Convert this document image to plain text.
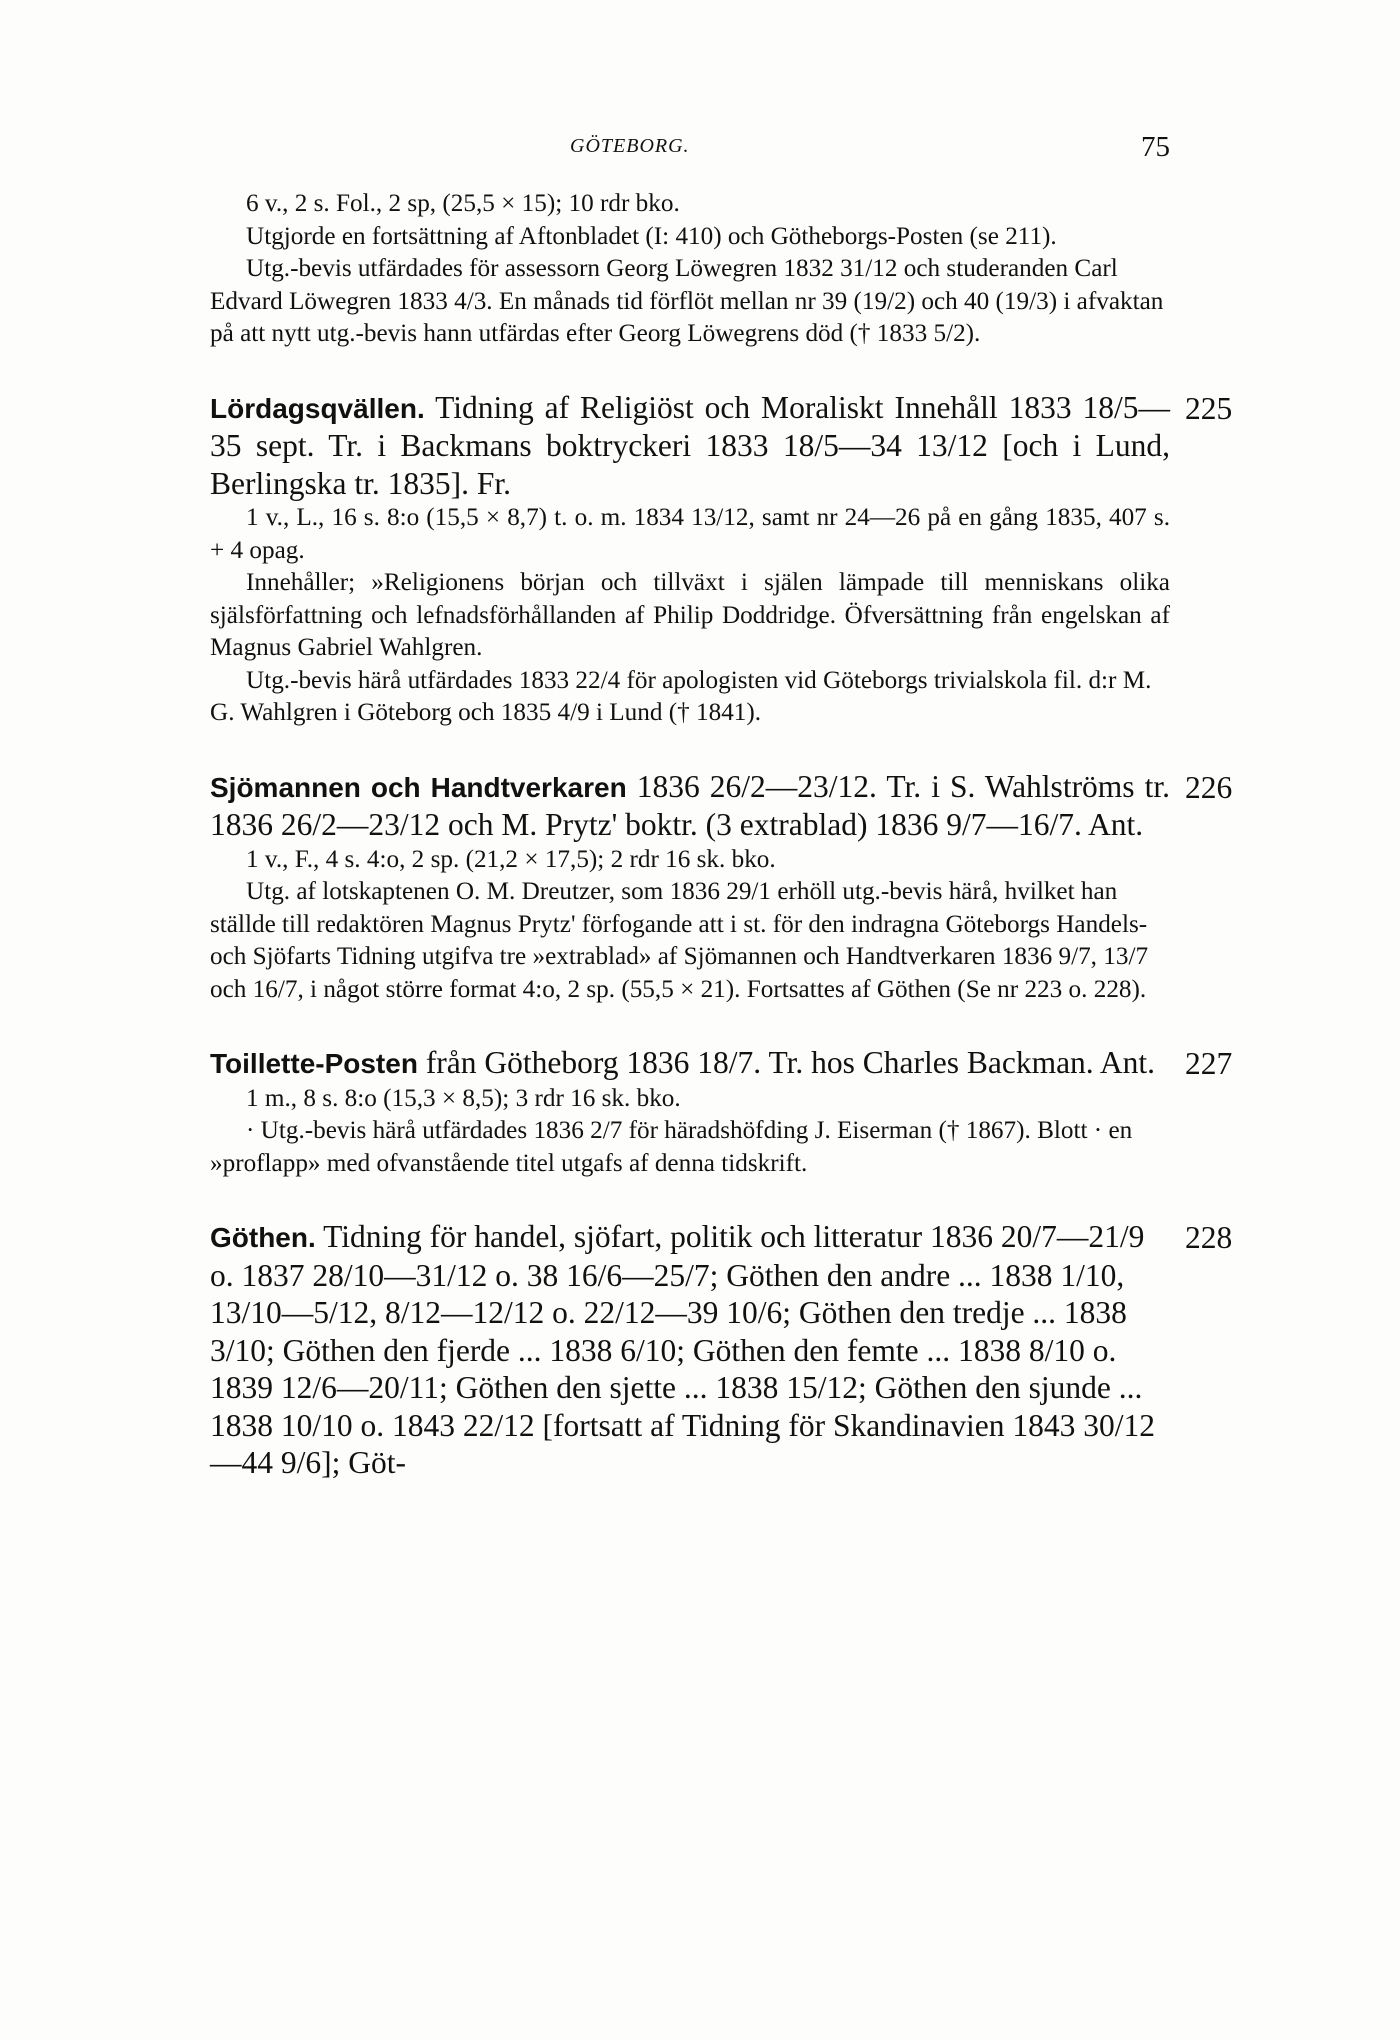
GÖTEBORG.	75

6 v., 2 s. Fol., 2 sp, (25,5 × 15); 10 rdr bko.

Utgjorde en fortsättning af Aftonbladet (I: 410) och Götheborgs-Posten (se 211).

Utg.-bevis utfärdades för assessorn Georg Löwegren 1832 31/12 och studeranden Carl Edvard Löwegren 1833 4/3. En månads tid förflöt mellan nr 39 (19/2) och 40 (19/3) i afvaktan på att nytt utg.-bevis hann utfärdas efter Georg Löwegrens död († 1833 5/2).

225

Lördagsqvällen. Tidning af Religiöst och Moraliskt Innehåll 1833 18/5—35 sept. Tr. i Backmans boktryckeri 1833 18/5—34 13/12 [och i Lund, Berlingska tr. 1835]. Fr.

1 v., L., 16 s. 8:o (15,5 × 8,7) t. o. m. 1834 13/12, samt nr 24—26 på en gång 1835, 407 s. + 4 opag.

Innehåller; »Religionens början och tillväxt i själen lämpade till menniskans olika själsförfattning och lefnadsförhållanden af Philip Doddridge. Öfversättning från engelskan af Magnus Gabriel Wahlgren.

Utg.-bevis härå utfärdades 1833 22/4 för apologisten vid Göteborgs trivialskola fil. d:r M. G. Wahlgren i Göteborg och 1835 4/9 i Lund († 1841).

226

Sjömannen och Handtverkaren 1836 26/2—23/12. Tr. i S. Wahlströms tr. 1836 26/2—23/12 och M. Prytz' boktr. (3 extrablad) 1836 9/7—16/7. Ant.

1 v., F., 4 s. 4:o, 2 sp. (21,2 × 17,5); 2 rdr 16 sk. bko.

Utg. af lotskaptenen O. M. Dreutzer, som 1836 29/1 erhöll utg.-bevis härå, hvilket han ställde till redaktören Magnus Prytz' förfogande att i st. för den indragna Göteborgs Handels- och Sjöfarts Tidning utgifva tre »extrablad» af Sjömannen och Handtverkaren 1836 9/7, 13/7 och 16/7, i något större format 4:o, 2 sp. (55,5 × 21). Fortsattes af Göthen (Se nr 223 o. 228).

227

Toillette-Posten från Götheborg 1836 18/7. Tr. hos Charles Backman. Ant.

1 m., 8 s. 8:o (15,3 × 8,5); 3 rdr 16 sk. bko.

· Utg.-bevis härå utfärdades 1836 2/7 för häradshöfding J. Eiserman († 1867). Blott · en »proflapp» med ofvanstående titel utgafs af denna tidskrift.

228

Göthen. Tidning för handel, sjöfart, politik och litteratur 1836 20/7—21/9 o. 1837 28/10—31/12 o. 38 16/6—25/7; Göthen den andre ... 1838 1/10, 13/10—5/12, 8/12—12/12 o. 22/12—39 10/6; Göthen den tredje ... 1838 3/10; Göthen den fjerde ... 1838 6/10; Göthen den femte ... 1838 8/10 o. 1839 12/6—20/11; Göthen den sjette ... 1838 15/12; Göthen den sjunde ... 1838 10/10 o. 1843 22/12 [fortsatt af Tidning för Skandinavien 1843 30/12—44 9/6]; Göt-
